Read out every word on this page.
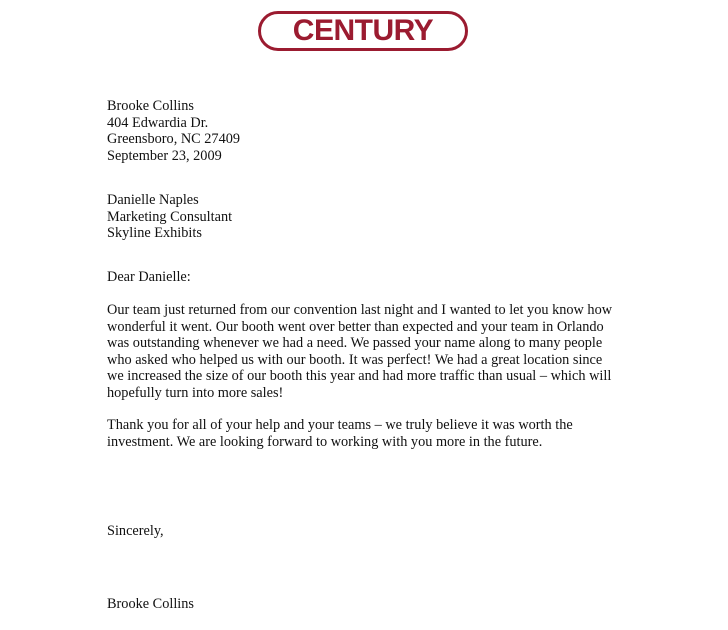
CENTURY
Brooke Collins
404 Edwardia Dr.
Greensboro, NC 27409
September 23, 2009
Danielle Naples
Marketing Consultant
Skyline Exhibits
Dear Danielle:
Our team just returned from our convention last night and I wanted to let you know how
wonderful it went. Our booth went over better than expected and your team in Orlando
was outstanding whenever we had a need. We passed your name along to many people
who asked who helped us with our booth. It was perfect! We had a great location since
we increased the size of our booth this year and had more traffic than usual – which will
hopefully turn into more sales!
Thank you for all of your help and your teams – we truly believe it was worth the
investment. We are looking forward to working with you more in the future.
Sincerely,
Brooke Collins
